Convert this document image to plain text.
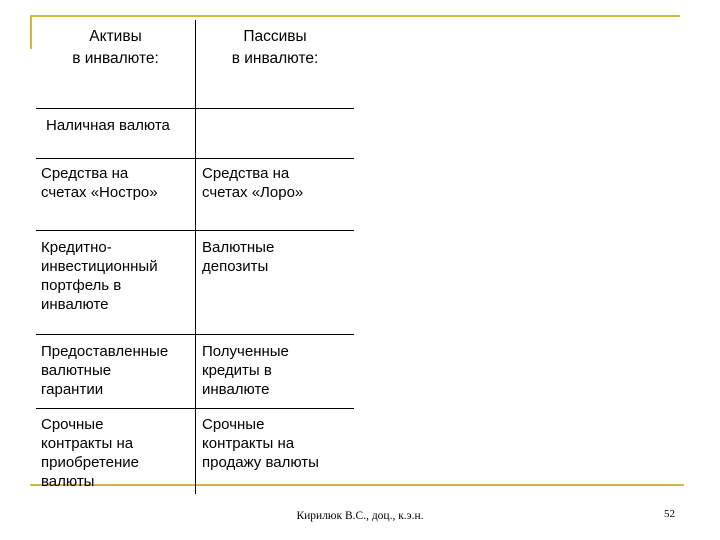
Активы
в инвалюте:
Пассивы
в инвалюте:
Наличная валюта
Средства на
счетах «Ностро»
Средства на
счетах «Лоро»
Кредитно-
инвестиционный
портфель в
инвалюте
Валютные
депозиты
Предоставленные
валютные
гарантии
Полученные
кредиты в
инвалюте
Срочные
контракты на
приобретение
валюты
Срочные
контракты на
продажу валюты
Кирилюк В.С., доц., к.э.н.	52
